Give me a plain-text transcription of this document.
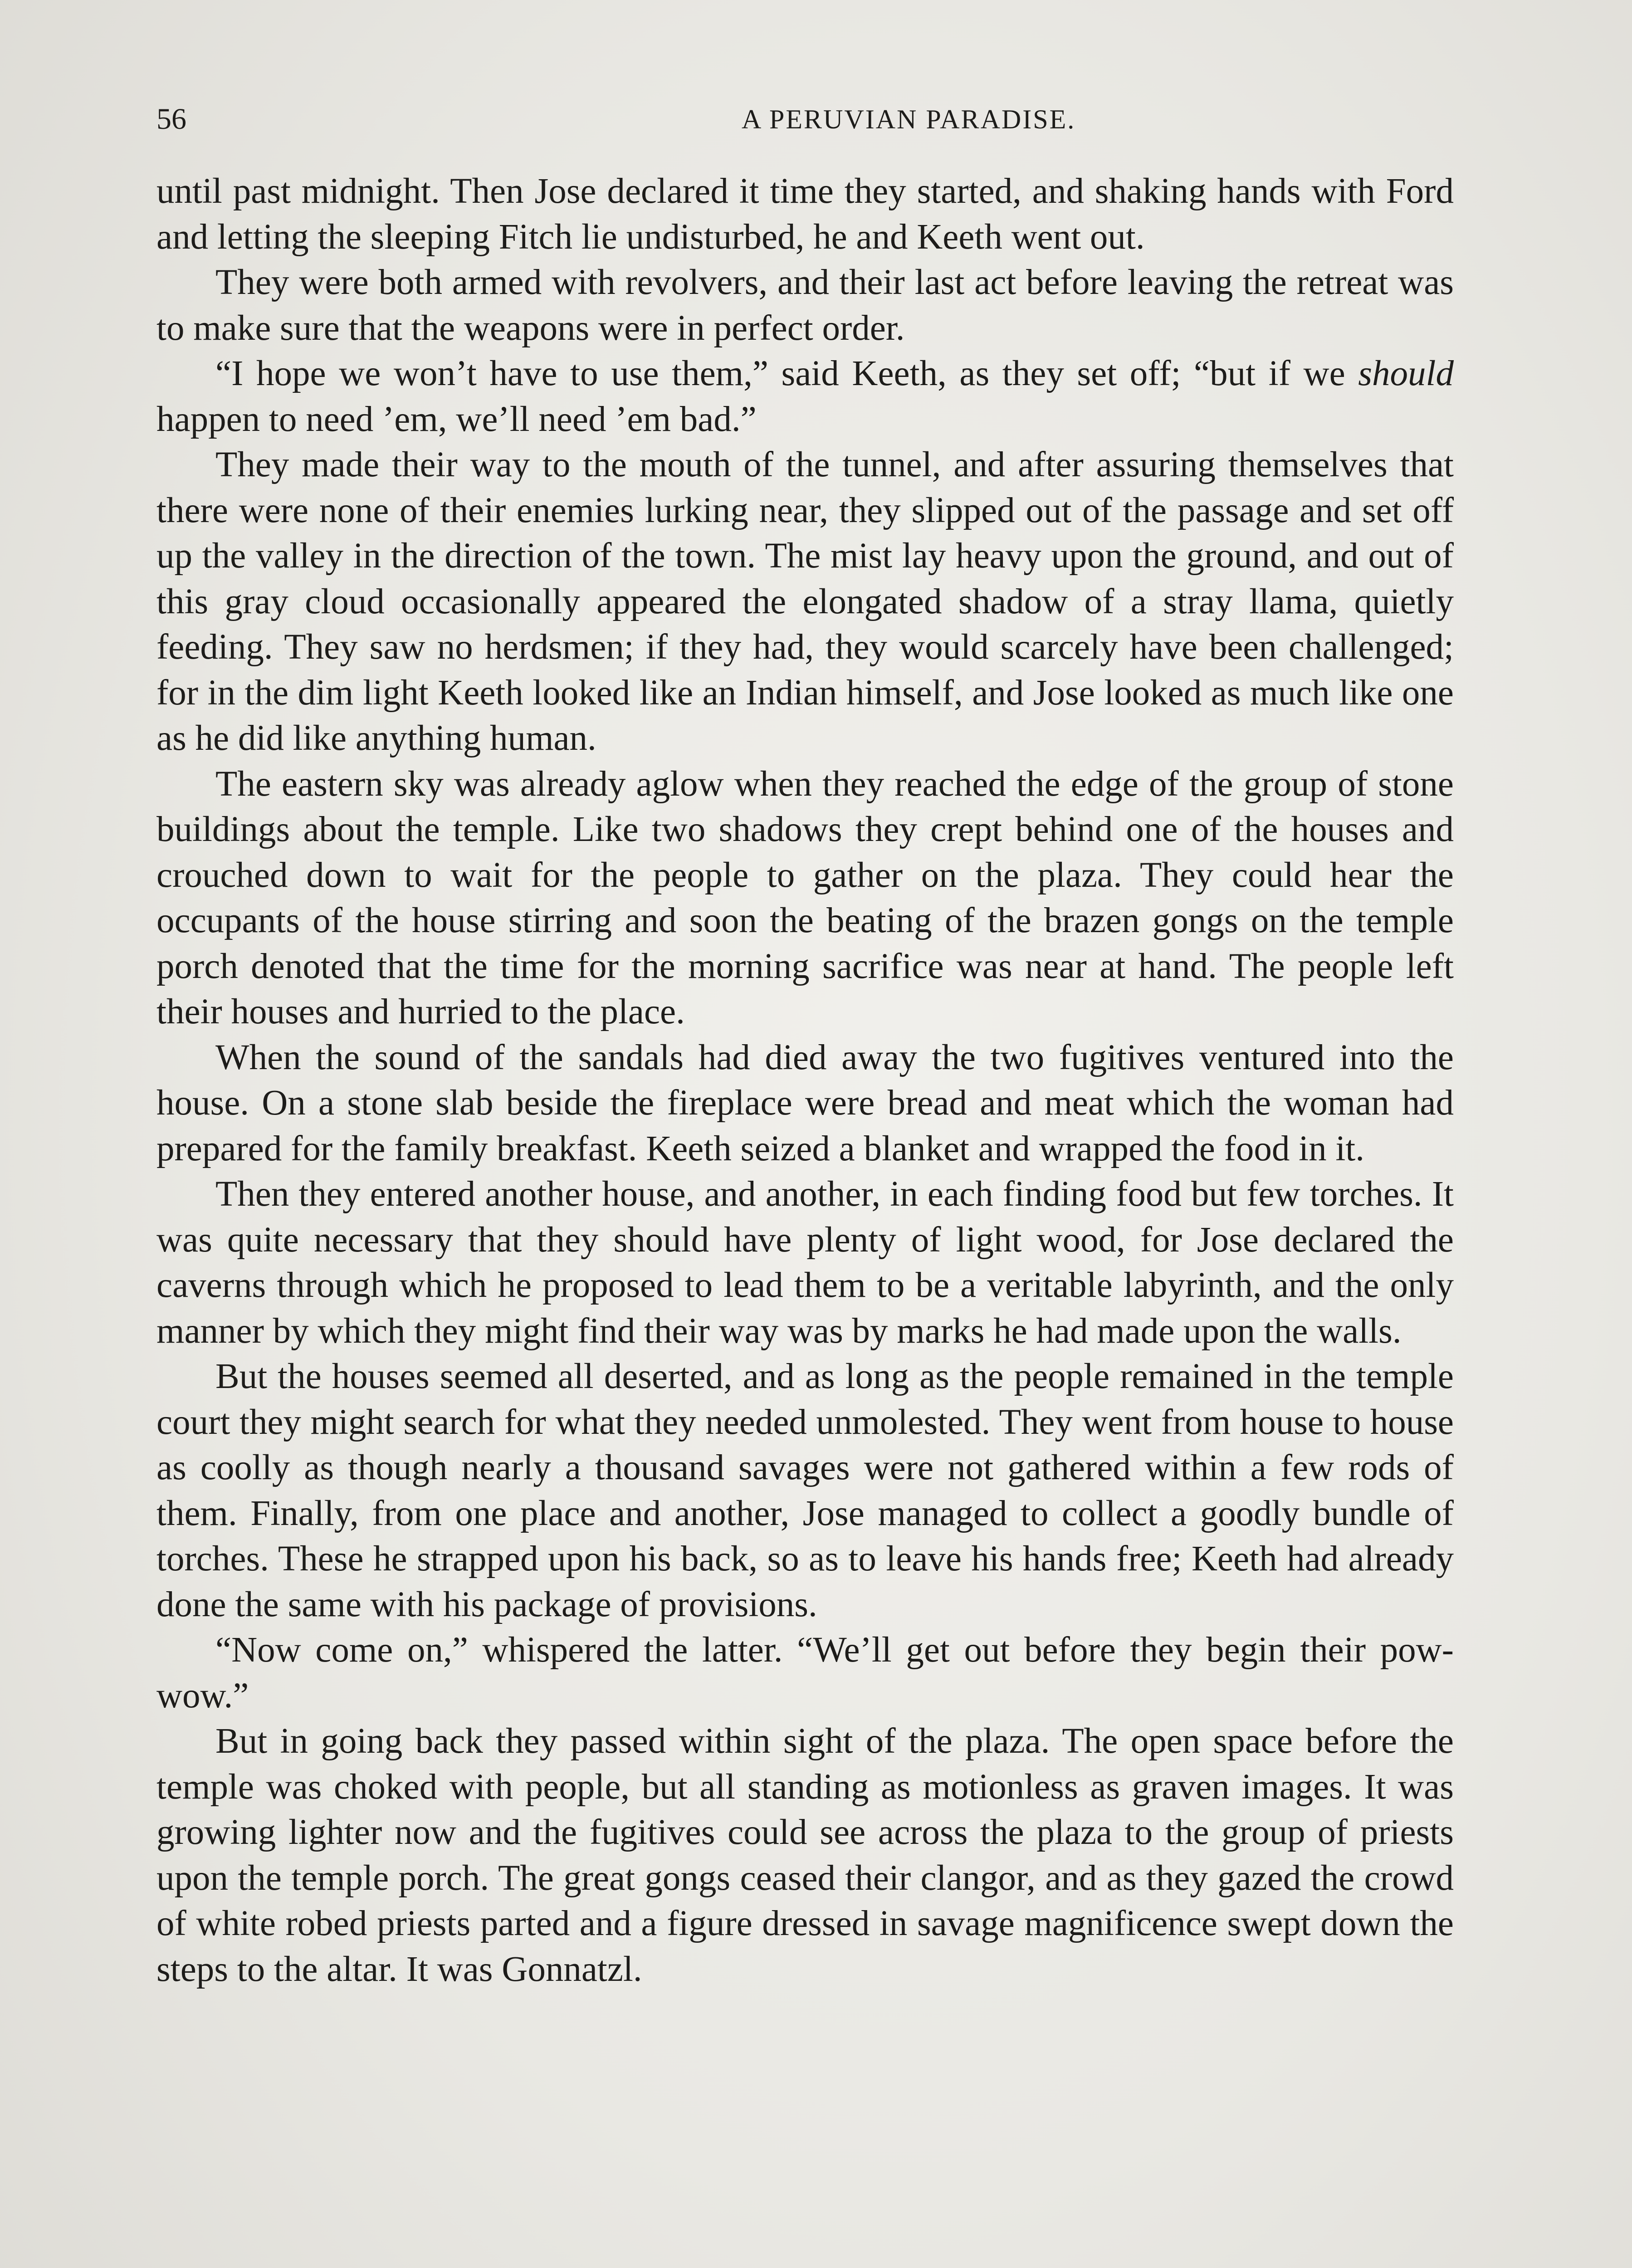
56	A PERUVIAN PARADISE.

until past midnight. Then Jose declared it time they started, and shaking hands with Ford and letting the sleeping Fitch lie undisturbed, he and Keeth went out.

They were both armed with revolvers, and their last act before leaving the retreat was to make sure that the weapons were in perfect order.

“I hope we won’t have to use them,” said Keeth, as they set off; “but if we should happen to need ’em, we’ll need ’em bad.”

They made their way to the mouth of the tunnel, and after assuring themselves that there were none of their enemies lurking near, they slipped out of the passage and set off up the valley in the direction of the town. The mist lay heavy upon the ground, and out of this gray cloud occasionally appeared the elongated shadow of a stray llama, quietly feeding. They saw no herdsmen; if they had, they would scarcely have been challenged; for in the dim light Keeth looked like an Indian himself, and Jose looked as much like one as he did like anything human.

The eastern sky was already aglow when they reached the edge of the group of stone buildings about the temple. Like two shadows they crept behind one of the houses and crouched down to wait for the people to gather on the plaza. They could hear the occupants of the house stirring and soon the beating of the brazen gongs on the temple porch denoted that the time for the morning sacrifice was near at hand. The people left their houses and hurried to the place.

When the sound of the sandals had died away the two fugitives ventured into the house. On a stone slab beside the fireplace were bread and meat which the woman had prepared for the family breakfast. Keeth seized a blanket and wrapped the food in it.

Then they entered another house, and another, in each finding food but few torches. It was quite necessary that they should have plenty of light wood, for Jose declared the caverns through which he proposed to lead them to be a veritable labyrinth, and the only manner by which they might find their way was by marks he had made upon the walls.

But the houses seemed all deserted, and as long as the people remained in the temple court they might search for what they needed unmolested. They went from house to house as coolly as though nearly a thousand savages were not gathered within a few rods of them. Finally, from one place and another, Jose managed to collect a goodly bundle of torches. These he strapped upon his back, so as to leave his hands free; Keeth had already done the same with his package of provisions.

“Now come on,” whispered the latter. “We’ll get out before they begin their pow-wow.”

But in going back they passed within sight of the plaza. The open space before the temple was choked with people, but all standing as motionless as graven images. It was growing lighter now and the fugitives could see across the plaza to the group of priests upon the temple porch. The great gongs ceased their clangor, and as they gazed the crowd of white robed priests parted and a figure dressed in savage magnificence swept down the steps to the altar. It was Gonnatzl.
